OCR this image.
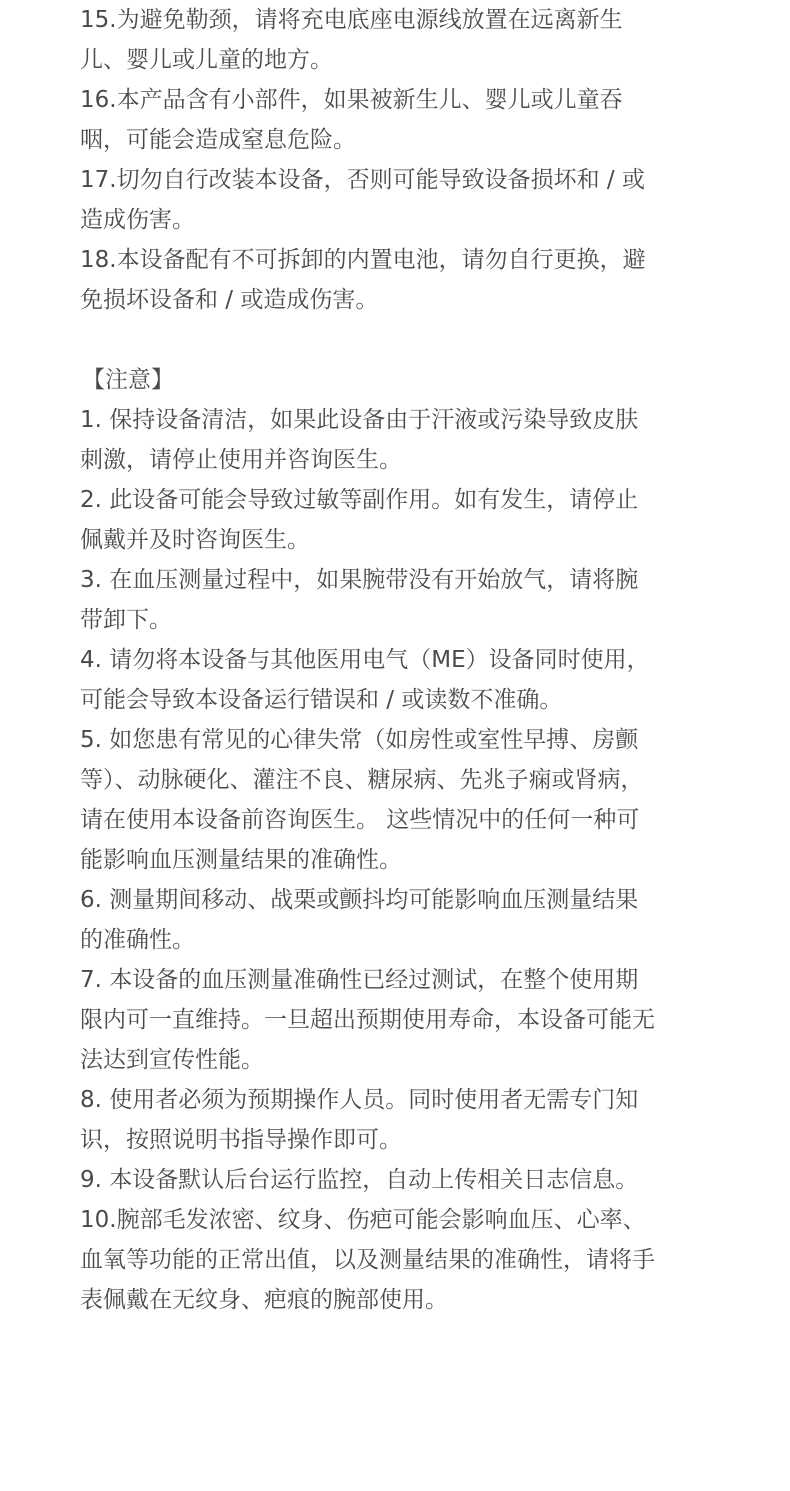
15.为避免勒颈，请将充电底座电源线放置在远离新生
儿、婴儿或儿童的地方。
16.本产品含有小部件，如果被新生儿、婴儿或儿童吞
咽，可能会造成窒息危险。
17.切勿自行改装本设备，否则可能导致设备损坏和 / 或
造成伤害。
18.本设备配有不可拆卸的内置电池，请勿自行更换，避
免损坏设备和 / 或造成伤害。
【注意】
1. 保持设备清洁，如果此设备由于汗液或污染导致皮肤
刺激，请停止使用并咨询医生。
2. 此设备可能会导致过敏等副作用。如有发生，请停止
佩戴并及时咨询医生。
3. 在血压测量过程中，如果腕带没有开始放气，请将腕
带卸下。
4. 请勿将本设备与其他医用电气（ME）设备同时使用，
可能会导致本设备运行错误和 / 或读数不准确。
5. 如您患有常见的心律失常（如房性或室性早搏、房颤
等）、动脉硬化、灌注不良、糖尿病、先兆子痫或肾病，
请在使用本设备前咨询医生。 这些情况中的任何一种可
能影响血压测量结果的准确性。
6. 测量期间移动、战栗或颤抖均可能影响血压测量结果
的准确性。
7. 本设备的血压测量准确性已经过测试，在整个使用期
限内可一直维持。一旦超出预期使用寿命，本设备可能无
法达到宣传性能。
8. 使用者必须为预期操作人员。同时使用者无需专门知
识，按照说明书指导操作即可。
9. 本设备默认后台运行监控，自动上传相关日志信息。
10.腕部毛发浓密、纹身、伤疤可能会影响血压、心率、
血氧等功能的正常出值，以及测量结果的准确性，请将手
表佩戴在无纹身、疤痕的腕部使用。
